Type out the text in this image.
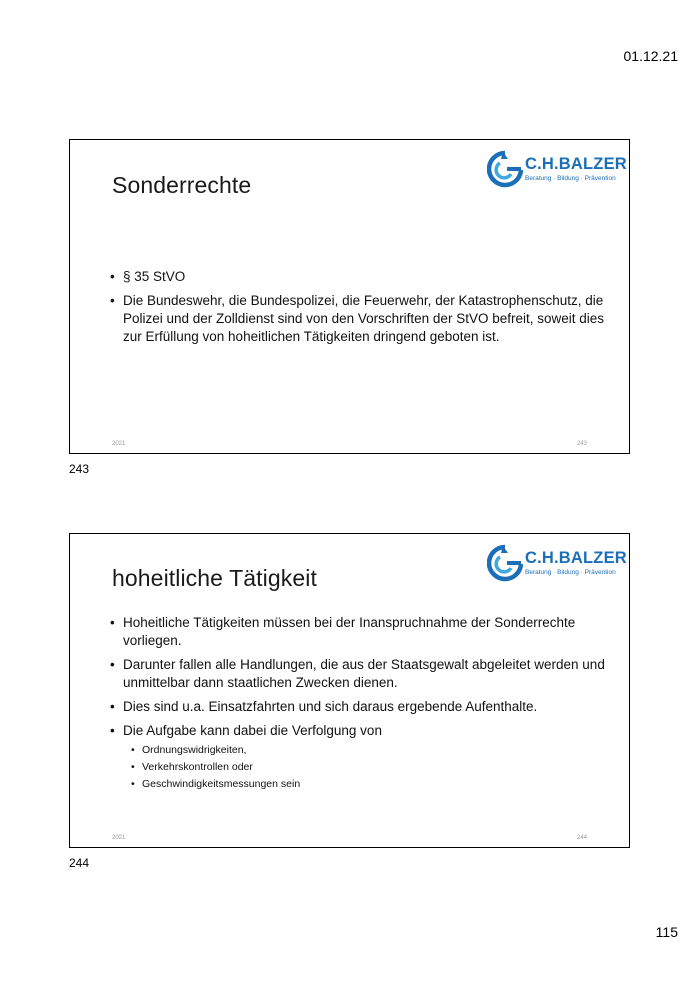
01.12.21
Sonderrechte
C.H.BALZER
Beratung · Bildung · Prävention
• § 35 StVO
• Die Bundeswehr, die Bundespolizei, die Feuerwehr, der Katastrophenschutz, die Polizei und der Zolldienst sind von den Vorschriften der StVO befreit, soweit dies zur Erfüllung von hoheitlichen Tätigkeiten dringend geboten ist.
2021	243
243
hoheitliche Tätigkeit
C.H.BALZER
Beratung · Bildung · Prävention
• Hoheitliche Tätigkeiten müssen bei der Inanspruchnahme der Sonderrechte vorliegen.
• Darunter fallen alle Handlungen, die aus der Staatsgewalt abgeleitet werden und unmittelbar dann staatlichen Zwecken dienen.
• Dies sind u.a. Einsatzfahrten und sich daraus ergebende Aufenthalte.
• Die Aufgabe kann dabei die Verfolgung von
• Ordnungswidrigkeiten,
• Verkehrskontrollen oder
• Geschwindigkeitsmessungen sein
2021	244
244
115
